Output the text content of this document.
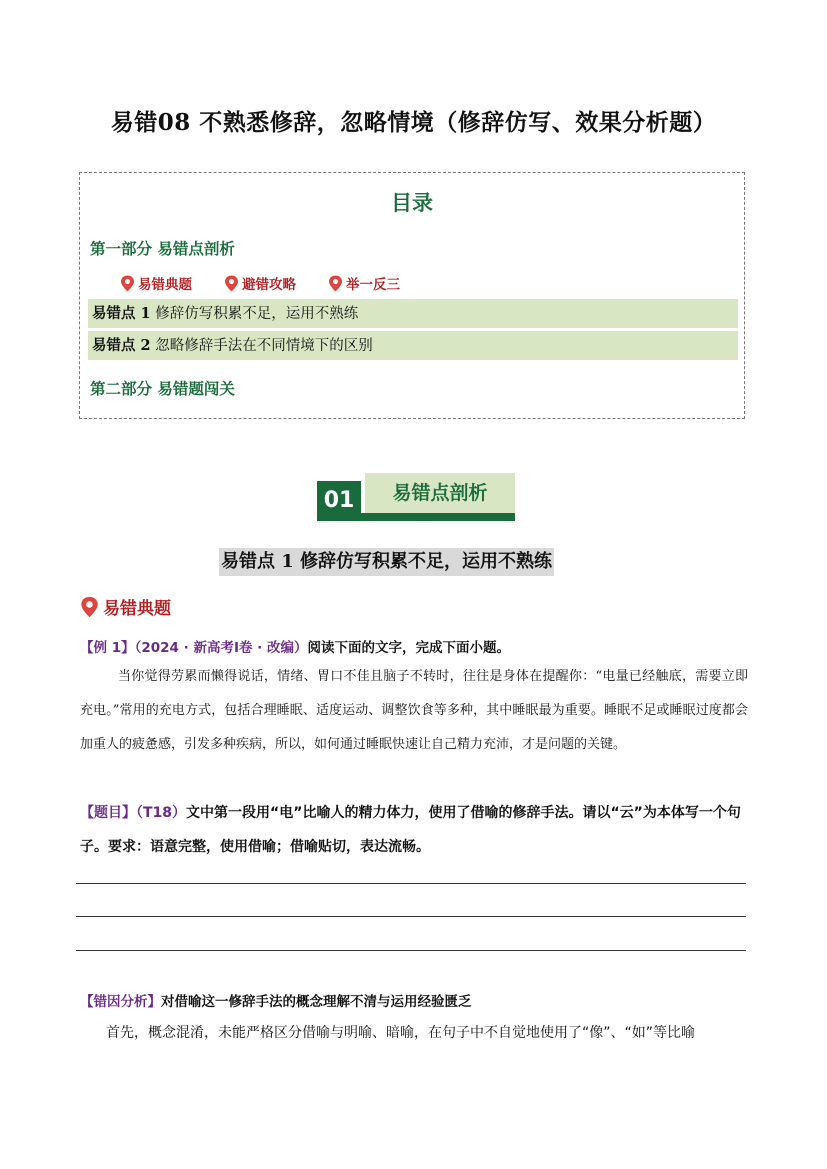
易错08 不熟悉修辞，忽略情境（修辞仿写、效果分析题）
目录
第一部分 易错点剖析
易错典题	避错攻略	举一反三
易错点 1 修辞仿写积累不足，运用不熟练
易错点 2 忽略修辞手法在不同情境下的区别
第二部分 易错题闯关
01	易错点剖析
易错点 1 修辞仿写积累不足，运用不熟练
易错典题
【例 1】（2024 · 新高考Ⅰ卷 · 改编）阅读下面的文字，完成下面小题。
当你觉得劳累而懒得说话，情绪、胃口不佳且脑子不转时，往往是身体在提醒你：“电量已经触底，需要立即充电。”常用的充电方式，包括合理睡眠、适度运动、调整饮食等多种，其中睡眠最为重要。睡眠不足或睡眠过度都会加重人的疲惫感，引发多种疾病，所以，如何通过睡眠快速让自己精力充沛，才是问题的关键。
【题目】（T18）文中第一段用“电”比喻人的精力体力，使用了借喻的修辞手法。请以“云”为本体写一个句子。要求：语意完整，使用借喻；借喻贴切，表达流畅。
【错因分析】对借喻这一修辞手法的概念理解不清与运用经验匮乏
首先，概念混淆，未能严格区分借喻与明喻、暗喻，在句子中不自觉地使用了“像”、“如”等比喻
